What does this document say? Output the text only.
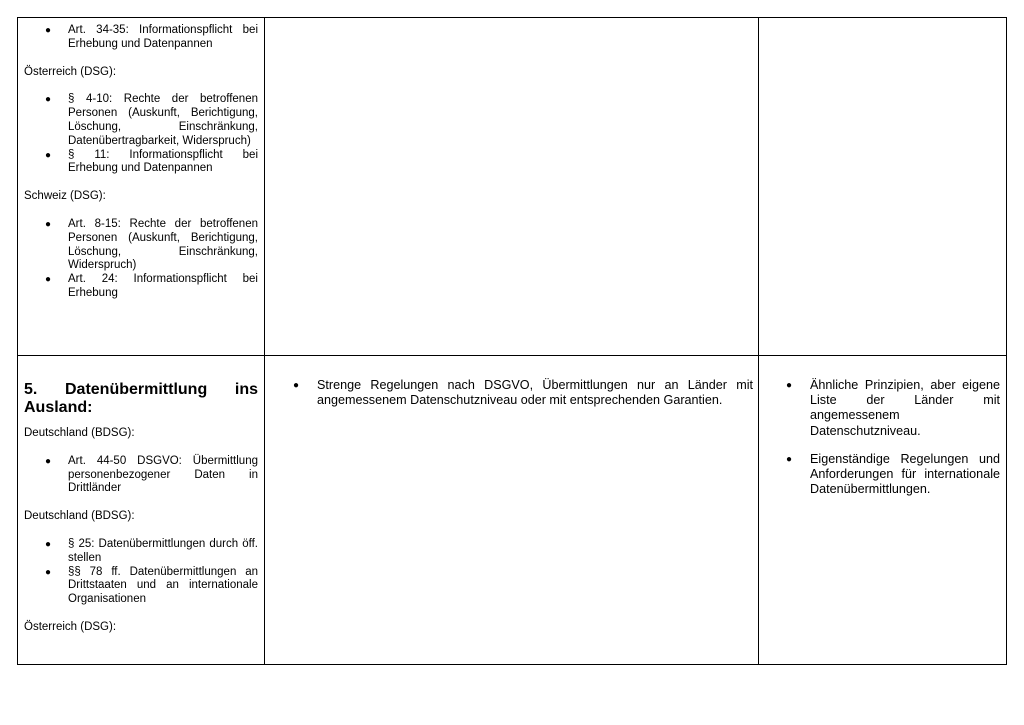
● Art. 34-35: Informationspflicht bei Erhebung und Datenpannen

Österreich (DSG):

● § 4-10: Rechte der betroffenen Personen (Auskunft, Berichtigung, Löschung, Einschränkung, Datenübertragbarkeit, Widerspruch)
● § 11: Informationspflicht bei Erhebung und Datenpannen

Schweiz (DSG):

● Art. 8-15: Rechte der betroffenen Personen (Auskunft, Berichtigung, Löschung, Einschränkung, Widerspruch)
● Art. 24: Informationspflicht bei Erhebung

5. Datenübermittlung ins

Ausland:

Deutschland (BDSG):

● Art. 44-50 DSGVO: Übermittlung personenbezogener Daten in Drittländer

Deutschland (BDSG):

● § 25: Datenübermittlungen durch öff. stellen
● §§ 78 ff. Datenübermittlungen an Drittstaaten und an internationale Organisationen

Österreich (DSG):

● Strenge Regelungen nach DSGVO, Übermittlungen nur an Länder mit angemessenem Datenschutzniveau oder mit entsprechenden Garantien.
● Ähnliche Prinzipien, aber eigene Liste der Länder mit angemessenem Datenschutzniveau.
● Eigenständige Regelungen und Anforderungen für internationale Datenübermittlungen.
